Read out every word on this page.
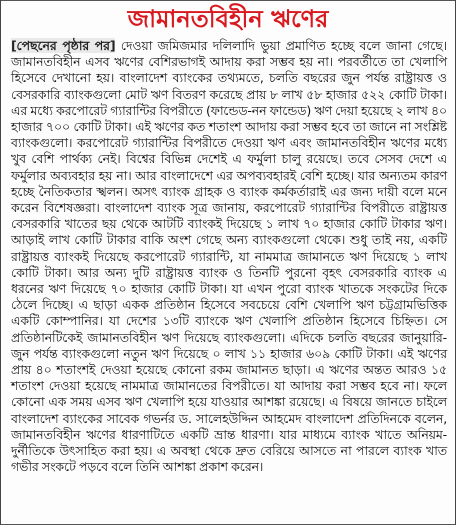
জামানতবিহীন ঋণের

[পেছনের পৃষ্ঠার পর] দেওয়া জমিজমার দলিলাদি ভুয়া প্রমাণিত হচ্ছে বলে জানা গেছে। জামানতবিহীন এসব ঋণের বেশিরভাগই আদায় করা সম্ভব হয় না। পরবর্তীতে তা খেলাপি হিসেবে দেখানো হয়। বাংলাদেশ ব্যাংকের তথ্যমতে, চলতি বছরের জুন পর্যন্ত রাষ্ট্রায়ত্ত ও বেসরকারি ব্যাংকগুলো মোট ঋণ বিতরণ করেছে প্রায় ৮ লাখ ৫৮ হাজার ৫২২ কোটি টাকা। এর মধ্যে করপোরেট গ্যারান্টির বিপরীতে (ফান্ডেড-নন ফান্ডেড) ঋণ দেয়া হয়েছে ২ লাখ ৪০ হাজার ৭০০ কোটি টাকা। এই ঋণের কত শতাংশ আদায় করা সম্ভব হবে তা জানে না সংশ্লিষ্ট ব্যাংকগুলো। করপোরেট গ্যারান্টির বিপরীতে দেওয়া ঋণ এবং জামানতবিহীন ঋণের মধ্যে খুব বেশি পার্থক্য নেই। বিশ্বের বিভিন্ন দেশেই এ ফর্মুলা চালু রয়েছে। তবে সেসব দেশে এ ফর্মুলার অব্যবহার হয় না। আর বাংলাদেশে এর অপব্যবহারই বেশি হচ্ছে। যার অন্যতম কারণ হচ্ছে নৈতিকতার স্খলন। অসৎ ব্যাংক গ্রাহক ও ব্যাংক কর্মকর্তারাই এর জন্য দায়ী বলে মনে করেন বিশেষজ্ঞরা। বাংলাদেশ ব্যাংক সূত্র জানায়, করপোরেট গ্যারান্টির বিপরীতে রাষ্ট্রায়ত্ত বেসরকারি খাতের ছয় থেকে আটটি ব্যাংকই দিয়েছে ১ লাখ ৭০ হাজার কোটি টাকার ঋণ। আড়াই লাখ কোটি টাকার বাকি অংশ গেছে অন্য ব্যাংকগুলো থেকে। শুধু তাই নয়, একটি রাষ্ট্রায়ত্ত ব্যাংকই দিয়েছে করপোরেট গ্যারান্টি, যা নামমাত্র জামানতে ঋণ দিয়েছে ১ লাখ কোটি টাকা। আর অন্য দুটি রাষ্ট্রায়ত্ত ব্যাংক ও তিনটি পুরনো বৃহৎ বেসরকারি ব্যাংক এ ধরনের ঋণ দিয়েছে ৭০ হাজার কোটি টাকা। যা এখন পুরো ব্যাংক খাতকে সংকটের দিকে ঠেলে দিচ্ছে। এ ছাড়া একক প্রতিষ্ঠান হিসেবে সবচেয়ে বেশি খেলাপি ঋণ চট্টগ্রামভিত্তিক একটি কোম্পানির। যা দেশের ১৩টি ব্যাংকে ঋণ খেলাপি প্রতিষ্ঠান হিসেবে চিহ্নিত। সে প্রতিষ্ঠানটিকেই জামানতবিহীন ঋণ দিয়েছে ব্যাংকগুলো। এদিকে চলতি বছরের জানুয়ারি-জুন পর্যন্ত ব্যাংকগুলো নতুন ঋণ দিয়েছে ০ লাখ ১১ হাজার ৬০৯ কোটি টাকা। এই ঋণের প্রায় ৪০ শতাংশই দেওয়া হয়েছে কোনো রকম জামানত ছাড়া। এ ঋণের অন্তত আরও ১৫ শতাংশ দেওয়া হয়েছে নামমাত্র জামানতের বিপরীতে। যা আদায় করা সম্ভব হবে না। ফলে কোনো এক সময় এসব ঋণ খেলাপি হয়ে যাওয়ার আশঙ্কা রয়েছে। এ বিষয়ে জানতে চাইলে বাংলাদেশ ব্যাংকের সাবেক গভর্নর ড. সালেহউদ্দিন আহমেদ বাংলাদেশ প্রতিদিনকে বলেন, জামানতবিহীন ঋণের ধারণাটিতে একটি ভ্রান্ত ধারণা। যার মাধ্যমে ব্যাংক খাতে অনিয়ম-দুর্নীতিকে উৎসাহিত করা হয়। এ অবস্থা থেকে দ্রুত বেরিয়ে আসতে না পারলে ব্যাংক খাত গভীর সংকটে পড়বে বলে তিনি আশঙ্কা প্রকাশ করেন।
